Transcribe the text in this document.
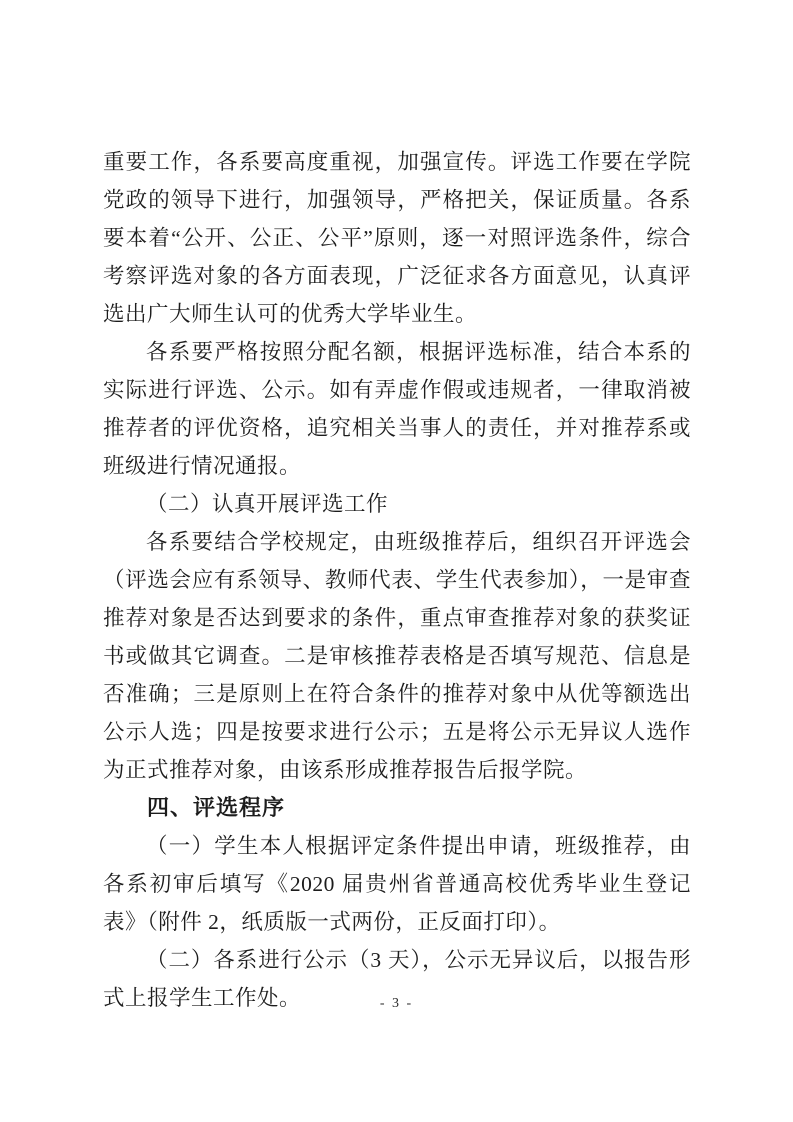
重要工作，各系要高度重视，加强宣传。评选工作要在学院党政的领导下进行，加强领导，严格把关，保证质量。各系要本着“公开、公正、公平”原则，逐一对照评选条件，综合考察评选对象的各方面表现，广泛征求各方面意见，认真评选出广大师生认可的优秀大学毕业生。

各系要严格按照分配名额，根据评选标准，结合本系的实际进行评选、公示。如有弄虚作假或违规者，一律取消被推荐者的评优资格，追究相关当事人的责任，并对推荐系或班级进行情况通报。

（二）认真开展评选工作

各系要结合学校规定，由班级推荐后，组织召开评选会（评选会应有系领导、教师代表、学生代表参加），一是审查推荐对象是否达到要求的条件，重点审查推荐对象的获奖证书或做其它调查。二是审核推荐表格是否填写规范、信息是否准确；三是原则上在符合条件的推荐对象中从优等额选出公示人选；四是按要求进行公示；五是将公示无异议人选作为正式推荐对象，由该系形成推荐报告后报学院。

四、评选程序

（一）学生本人根据评定条件提出申请，班级推荐，由各系初审后填写《2020 届贵州省普通高校优秀毕业生登记表》（附件 2，纸质版一式两份，正反面打印）。

（二）各系进行公示（3 天），公示无异议后，以报告形式上报学生工作处。	- 3 -
